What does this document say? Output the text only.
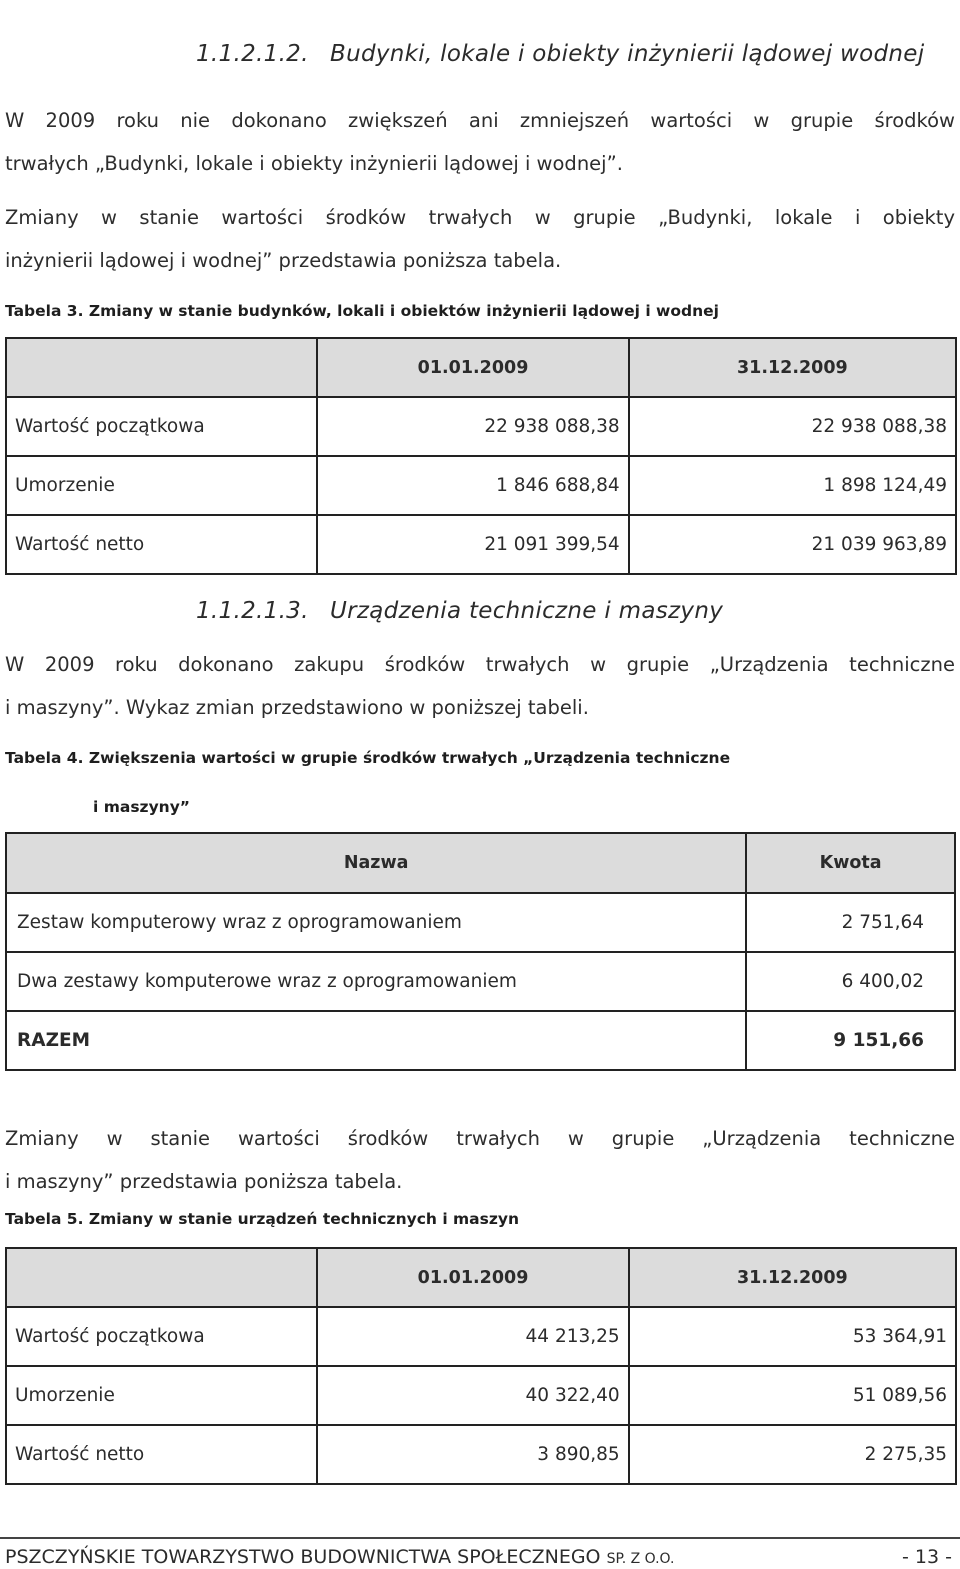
1.1.2.1.2. Budynki, lokale i obiekty inżynierii lądowej wodnej
W 2009 roku nie dokonano zwiększeń ani zmniejszeń wartości w grupie środków
trwałych „Budynki, lokale i obiekty inżynierii lądowej i wodnej”.
Zmiany w stanie wartości środków trwałych w grupie „Budynki, lokale i obiekty
inżynierii lądowej i wodnej” przedstawia poniższa tabela.
Tabela 3. Zmiany w stanie budynków, lokali i obiektów inżynierii lądowej i wodnej
	01.01.2009	31.12.2009
Wartość początkowa	22 938 088,38	22 938 088,38
Umorzenie	1 846 688,84	1 898 124,49
Wartość netto	21 091 399,54	21 039 963,89
1.1.2.1.3. Urządzenia techniczne i maszyny
W 2009 roku dokonano zakupu środków trwałych w grupie „Urządzenia techniczne
i maszyny”. Wykaz zmian przedstawiono w poniższej tabeli.
Tabela 4. Zwiększenia wartości w grupie środków trwałych „Urządzenia techniczne
i maszyny”
Nazwa	Kwota
Zestaw komputerowy wraz z oprogramowaniem	2 751,64
Dwa zestawy komputerowe wraz z oprogramowaniem	6 400,02
RAZEM	9 151,66
Zmiany w stanie wartości środków trwałych w grupie „Urządzenia techniczne
i maszyny” przedstawia poniższa tabela.
Tabela 5. Zmiany w stanie urządzeń technicznych i maszyn
	01.01.2009	31.12.2009
Wartość początkowa	44 213,25	53 364,91
Umorzenie	40 322,40	51 089,56
Wartość netto	3 890,85	2 275,35
PSZCZYŃSKIE TOWARZYSTWO BUDOWNICTWA SPOŁECZNEGO SP. Z O.O.	- 13 -
